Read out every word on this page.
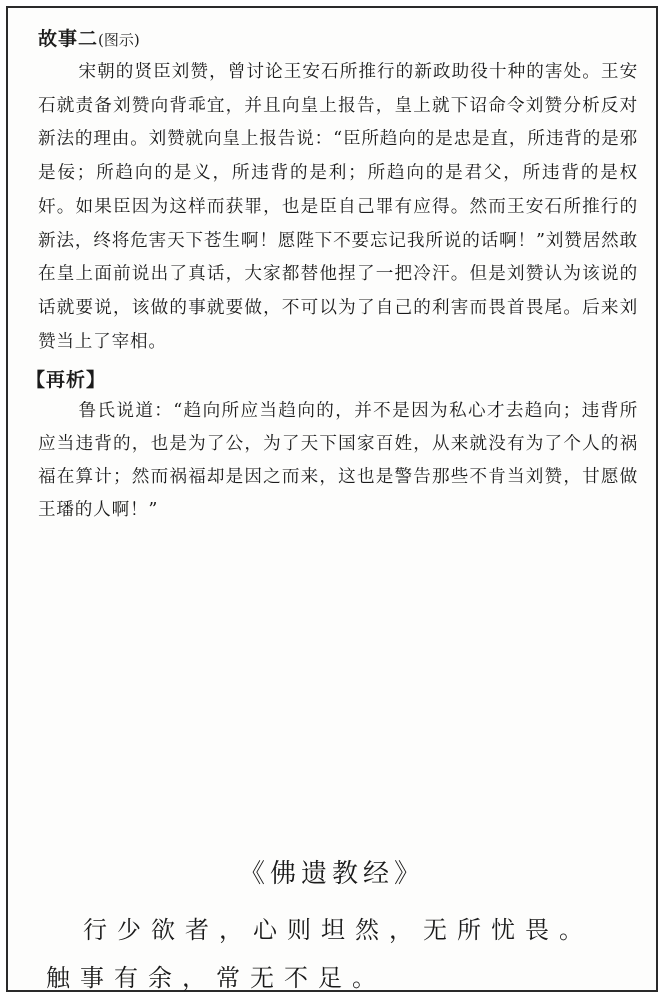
故事二(图示)

宋朝的贤臣刘赞，曾讨论王安石所推行的新政助役十种的害处。王安石就责备刘赞向背乖宜，并且向皇上报告，皇上就下诏命令刘赞分析反对新法的理由。刘赞就向皇上报告说：“臣所趋向的是忠是直，所违背的是邪是佞；所趋向的是义，所违背的是利；所趋向的是君父，所违背的是权奸。如果臣因为这样而获罪，也是臣自己罪有应得。然而王安石所推行的新法，终将危害天下苍生啊！愿陛下不要忘记我所说的话啊！”刘赞居然敢在皇上面前说出了真话，大家都替他捏了一把冷汗。但是刘赞认为该说的话就要说，该做的事就要做，不可以为了自己的利害而畏首畏尾。后来刘赞当上了宰相。

【再析】

鲁氏说道：“趋向所应当趋向的，并不是因为私心才去趋向；违背所应当违背的，也是为了公，为了天下国家百姓，从来就没有为了个人的祸福在算计；然而祸福却是因之而来，这也是警告那些不肯当刘赞，甘愿做王璠的人啊！”

《佛遗教经》
行少欲者，心则坦然，无所忧畏。
触事有余，常无不足。
